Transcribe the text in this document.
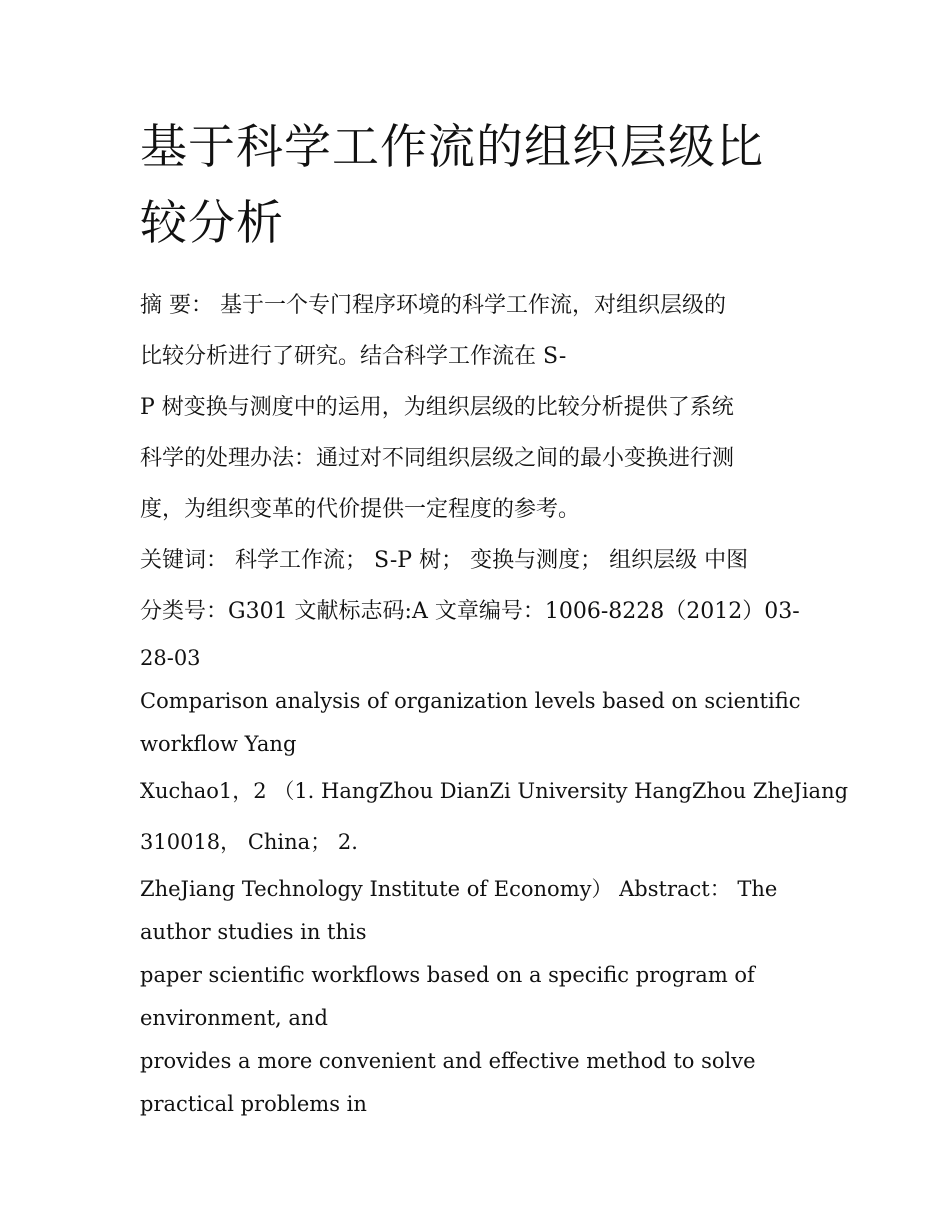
基于科学工作流的组织层级比
较分析
摘 要： 基于一个专门程序环境的科学工作流，对组织层级的
比较分析进行了研究。结合科学工作流在 S-
P 树变换与测度中的运用，为组织层级的比较分析提供了系统
科学的处理办法：通过对不同组织层级之间的最小变换进行测
度，为组织变革的代价提供一定程度的参考。
关键词： 科学工作流； S-P 树； 变换与测度； 组织层级 中图
分类号：G301 文献标志码:A 文章编号：1006-8228（2012）03-
28-03
Comparison analysis of organization levels based on scientific
workflow Yang
Xuchao1，2 （1. HangZhou DianZi University HangZhou ZheJiang
310018， China； 2.
ZheJiang Technology Institute of Economy） Abstract： The
author studies in this
paper scientific workflows based on a specific program of
environment, and
provides a more convenient and effective method to solve
practical problems in
